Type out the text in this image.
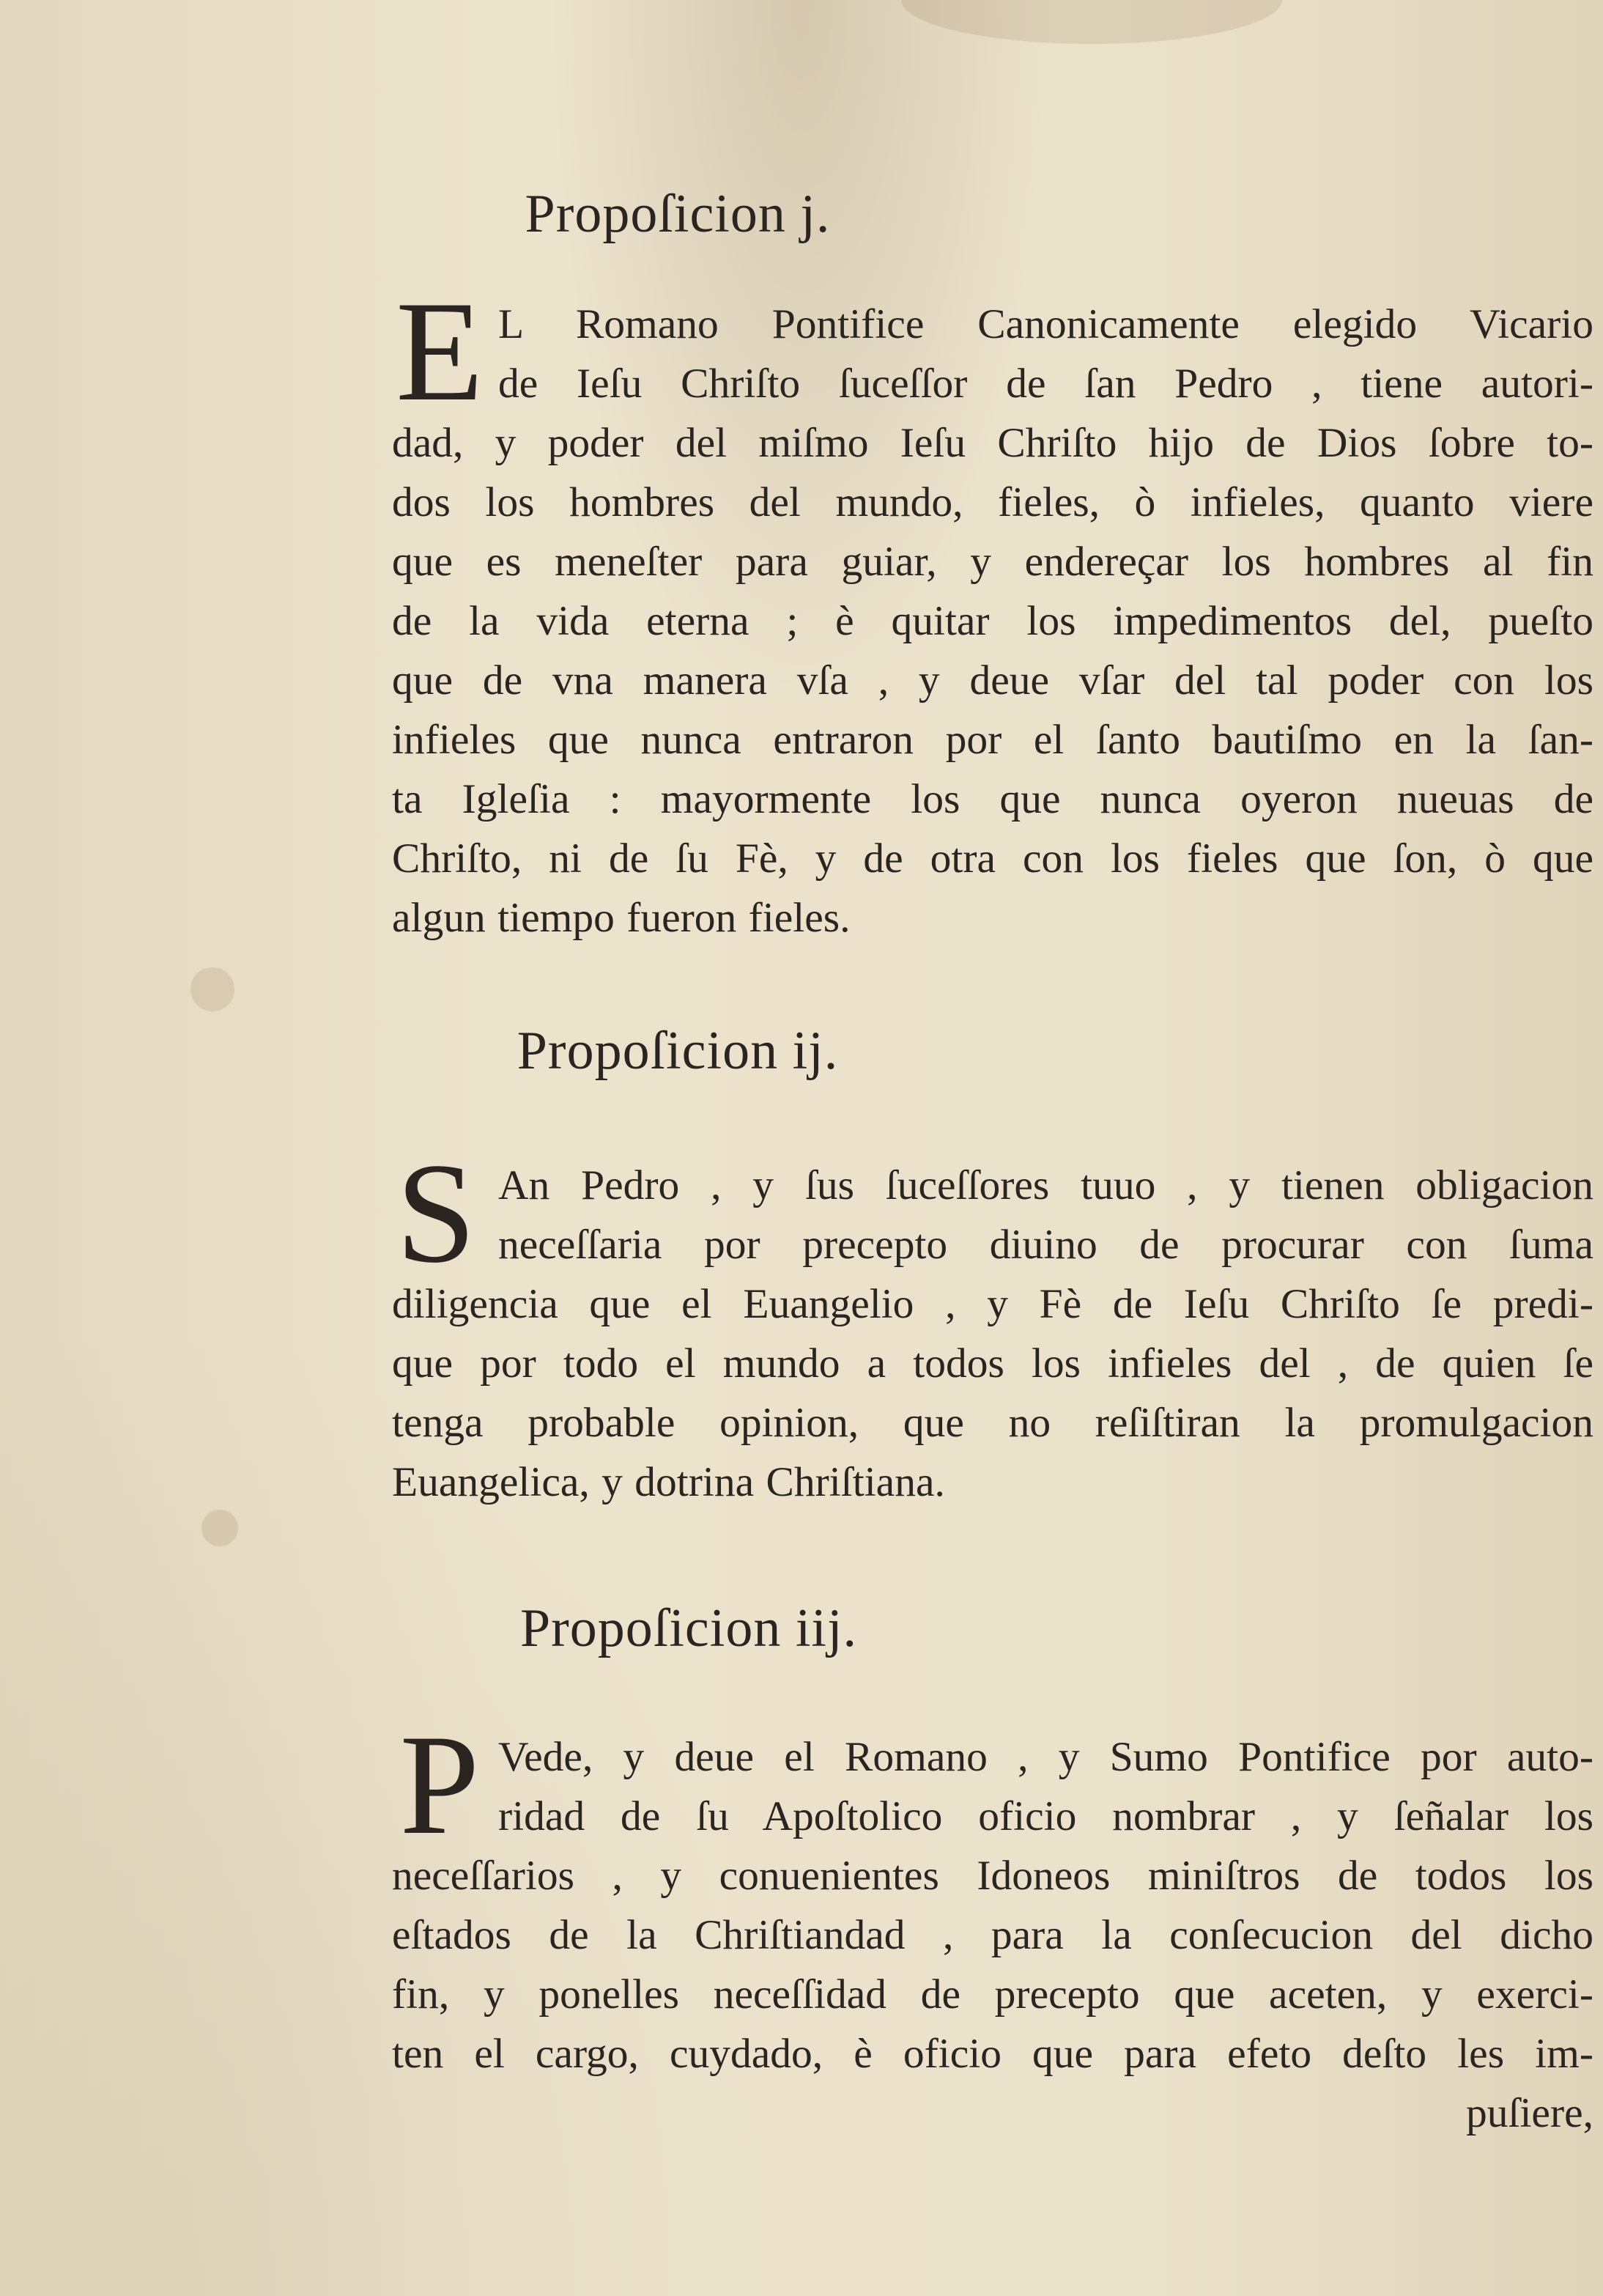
Propoſicion j.
E L Romano Pontifice Canonicamente elegido Vicario
de Ieſu Chriſto ſuceſſor de ſan Pedro , tiene autori-
dad, y poder del miſmo Ieſu Chriſto hijo de Dios ſobre to-
dos los hombres del mundo, fieles, ò infieles, quanto viere
que es meneſter para guiar, y endereçar los hombres al fin
de la vida eterna ; è quitar los impedimentos del, pueſto
que de vna manera vſa , y deue vſar del tal poder con los
infieles que nunca entraron por el ſanto bautiſmo en la ſan-
ta Igleſia : mayormente los que nunca oyeron nueuas de
Chriſto, ni de ſu Fè, y de otra con los fieles que ſon, ò que
algun tiempo fueron fieles.
Propoſicion ij.
S An Pedro , y ſus ſuceſſores tuuo , y tienen obligacion
neceſſaria por precepto diuino de procurar con ſuma
diligencia que el Euangelio , y Fè de Ieſu Chriſto ſe predi-
que por todo el mundo a todos los infieles del , de quien ſe
tenga probable opinion, que no reſiſtiran la promulgacion
Euangelica, y dotrina Chriſtiana.
Propoſicion iij.
P Vede, y deue el Romano , y Sumo Pontifice por auto-
ridad de ſu Apoſtolico oficio nombrar , y ſeñalar los
neceſſarios , y conuenientes Idoneos miniſtros de todos los
eſtados de la Chriſtiandad , para la conſecucion del dicho
fin, y ponelles neceſſidad de precepto que aceten, y exerci-
ten el cargo, cuydado, è oficio que para efeto deſto les im-
puſiere,
